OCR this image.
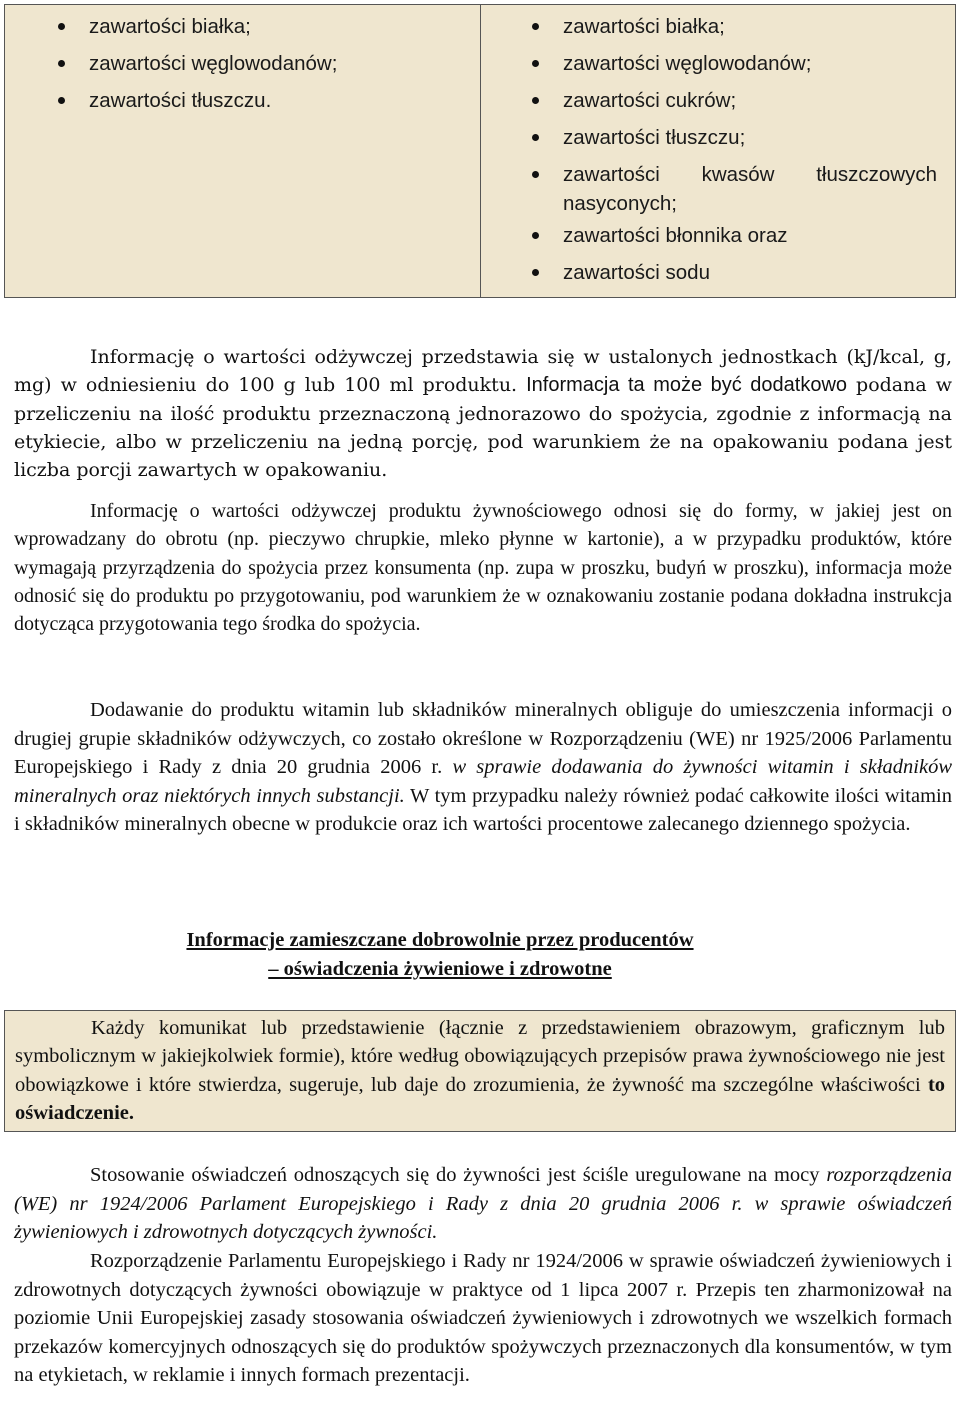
zawartości białka;
zawartości węglowodanów;
zawartości tłuszczu.
zawartości białka;
zawartości węglowodanów;
zawartości cukrów;
zawartości tłuszczu;
zawartości kwasów tłuszczowych nasyconych;
zawartości błonnika oraz
zawartości sodu

Informację o wartości odżywczej przedstawia się w ustalonych jednostkach (kJ/kcal, g, mg) w odniesieniu do 100 g lub 100 ml produktu. Informacja ta może być dodatkowo podana w przeliczeniu na ilość produktu przeznaczoną jednorazowo do spożycia, zgodnie z informacją na etykiecie, albo w przeliczeniu na jedną porcję, pod warunkiem że na opakowaniu podana jest liczba porcji zawartych w opakowaniu.

Informację o wartości odżywczej produktu żywnościowego odnosi się do formy, w jakiej jest on wprowadzany do obrotu (np. pieczywo chrupkie, mleko płynne w kartonie), a w przypadku produktów, które wymagają przyrządzenia do spożycia przez konsumenta (np. zupa w proszku, budyń w proszku), informacja może odnosić się do produktu po przygotowaniu, pod warunkiem że w oznakowaniu zostanie podana dokładna instrukcja dotycząca przygotowania tego środka do spożycia.

Dodawanie do produktu witamin lub składników mineralnych obliguje do umieszczenia informacji o drugiej grupie składników odżywczych, co zostało określone w Rozporządzeniu (WE) nr 1925/2006 Parlamentu Europejskiego i Rady z dnia 20 grudnia 2006 r. w sprawie dodawania do żywności witamin i składników mineralnych oraz niektórych innych substancji. W tym przypadku należy również podać całkowite ilości witamin i składników mineralnych obecne w produkcie oraz ich wartości procentowe zalecanego dziennego spożycia.

Informacje zamieszczane dobrowolnie przez producentów

– oświadczenia żywieniowe i zdrowotne

Każdy komunikat lub przedstawienie (łącznie z przedstawieniem obrazowym, graficznym lub symbolicznym w jakiejkolwiek formie), które według obowiązujących przepisów prawa żywnościowego nie jest obowiązkowe i które stwierdza, sugeruje, lub daje do zrozumienia, że żywność ma szczególne właściwości to oświadczenie.

Stosowanie oświadczeń odnoszących się do żywności jest ściśle uregulowane na mocy rozporządzenia (WE) nr 1924/2006 Parlament Europejskiego i Rady z dnia 20 grudnia 2006 r. w sprawie oświadczeń żywieniowych i zdrowotnych dotyczących żywności.

Rozporządzenie Parlamentu Europejskiego i Rady nr 1924/2006 w sprawie oświadczeń żywieniowych i zdrowotnych dotyczących żywności obowiązuje w praktyce od 1 lipca 2007 r. Przepis ten zharmonizował na poziomie Unii Europejskiej zasady stosowania oświadczeń żywieniowych i zdrowotnych we wszelkich formach przekazów komercyjnych odnoszących się do produktów spożywczych przeznaczonych dla konsumentów, w tym na etykietach, w reklamie i innych formach prezentacji.
